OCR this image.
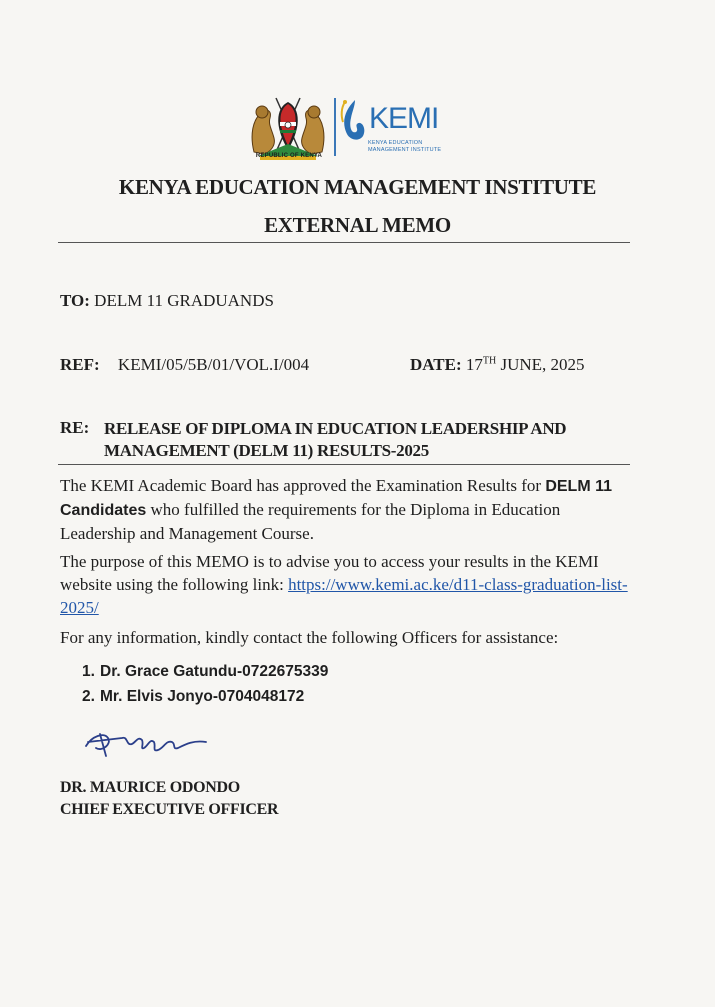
REPUBLIC OF KENYA
KEMI
KENYA EDUCATION
MANAGEMENT INSTITUTE
KENYA EDUCATION MANAGEMENT INSTITUTE
EXTERNAL MEMO
TO: DELM 11 GRADUANDS
REF: KEMI/05/5B/01/VOL.I/004	DATE: 17TH JUNE, 2025
RE: RELEASE OF DIPLOMA IN EDUCATION LEADERSHIP AND
MANAGEMENT (DELM 11) RESULTS-2025
The KEMI Academic Board has approved the Examination Results for DELM 11 Candidates who fulfilled the requirements for the Diploma in Education Leadership and Management Course.
The purpose of this MEMO is to advise you to access your results in the KEMI website using the following link: https://www.kemi.ac.ke/d11-class-graduation-list-2025/
For any information, kindly contact the following Officers for assistance:
1. Dr. Grace Gatundu-0722675339
2. Mr. Elvis Jonyo-0704048172
DR. MAURICE ODONDO
CHIEF EXECUTIVE OFFICER
